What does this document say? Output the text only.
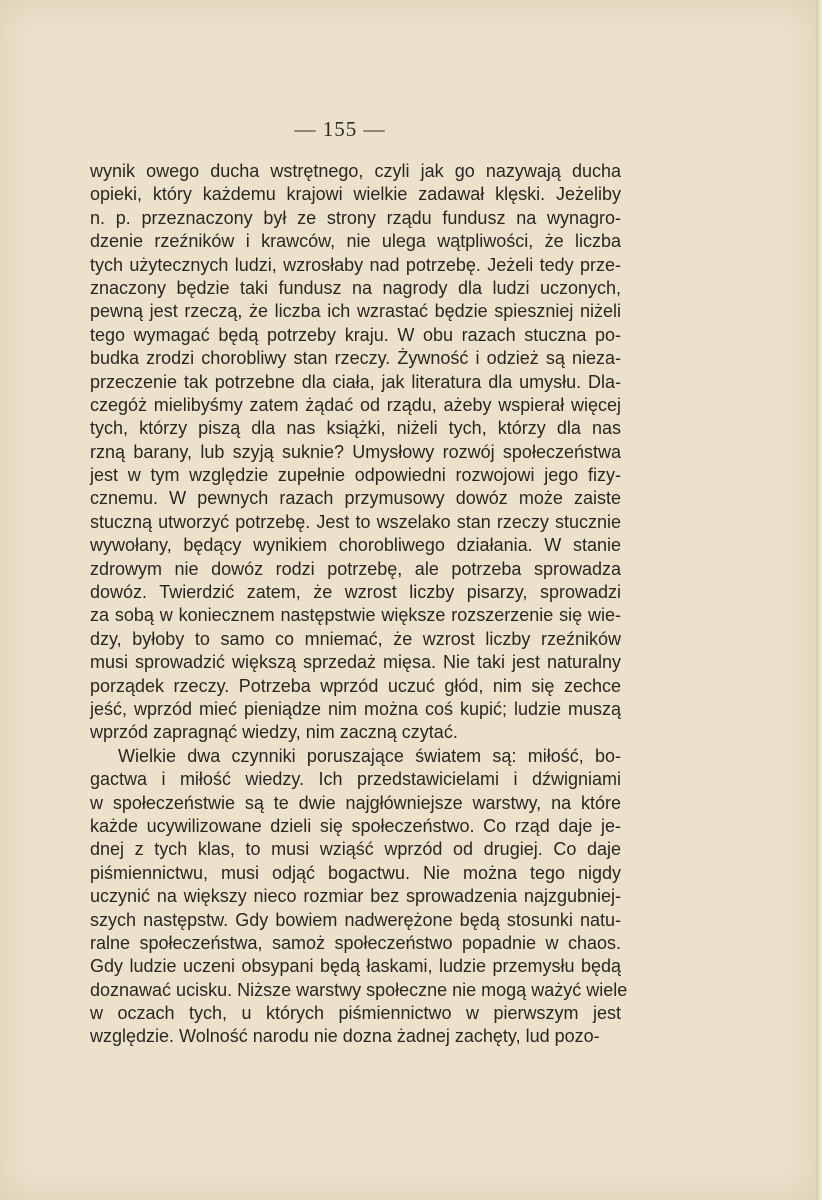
— 155 —
wynik owego ducha wstrętnego, czyli jak go nazywają ducha
opieki, który każdemu krajowi wielkie zadawał klęski. Jeżeliby
n. p. przeznaczony był ze strony rządu fundusz na wynagro-
dzenie rzeźników i krawców, nie ulega wątpliwości, że liczba
tych użytecznych ludzi, wzrosłaby nad potrzebę. Jeżeli tedy prze-
znaczony będzie taki fundusz na nagrody dla ludzi uczonych,
pewną jest rzeczą, że liczba ich wzrastać będzie spieszniej niżeli
tego wymagać będą potrzeby kraju. W obu razach stuczna po-
budka zrodzi chorobliwy stan rzeczy. Żywność i odzież są nieza-
przeczenie tak potrzebne dla ciała, jak literatura dla umysłu. Dla-
czegóż mielibyśmy zatem żądać od rządu, ażeby wspierał więcej
tych, którzy piszą dla nas książki, niżeli tych, którzy dla nas
rzną barany, lub szyją suknie? Umysłowy rozwój społeczeństwa
jest w tym względzie zupełnie odpowiedni rozwojowi jego fizy-
cznemu. W pewnych razach przymusowy dowóz może zaiste
stuczną utworzyć potrzebę. Jest to wszelako stan rzeczy stucznie
wywołany, będący wynikiem chorobliwego działania. W stanie
zdrowym nie dowóz rodzi potrzebę, ale potrzeba sprowadza
dowóz. Twierdzić zatem, że wzrost liczby pisarzy, sprowadzi
za sobą w koniecznem następstwie większe rozszerzenie się wie-
dzy, byłoby to samo co mniemać, że wzrost liczby rzeźników
musi sprowadzić większą sprzedaż mięsa. Nie taki jest naturalny
porządek rzeczy. Potrzeba wprzód uczuć głód, nim się zechce
jeść, wprzód mieć pieniądze nim można coś kupić; ludzie muszą
wprzód zapragnąć wiedzy, nim zaczną czytać.
Wielkie dwa czynniki poruszające światem są: miłość, bo-
gactwa i miłość wiedzy. Ich przedstawicielami i dźwigniami
w społeczeństwie są te dwie najgłówniejsze warstwy, na które
każde ucywilizowane dzieli się społeczeństwo. Co rząd daje je-
dnej z tych klas, to musi wziąść wprzód od drugiej. Co daje
piśmiennictwu, musi odjąć bogactwu. Nie można tego nigdy
uczynić na większy nieco rozmiar bez sprowadzenia najzgubniej-
szych następstw. Gdy bowiem nadwerężone będą stosunki natu-
ralne społeczeństwa, samoż społeczeństwo popadnie w chaos.
Gdy ludzie uczeni obsypani będą łaskami, ludzie przemysłu będą
doznawać ucisku. Niższe warstwy społeczne nie mogą ważyć wiele
w oczach tych, u których piśmiennictwo w pierwszym jest
względzie. Wolność narodu nie dozna żadnej zachęty, lud pozo-
